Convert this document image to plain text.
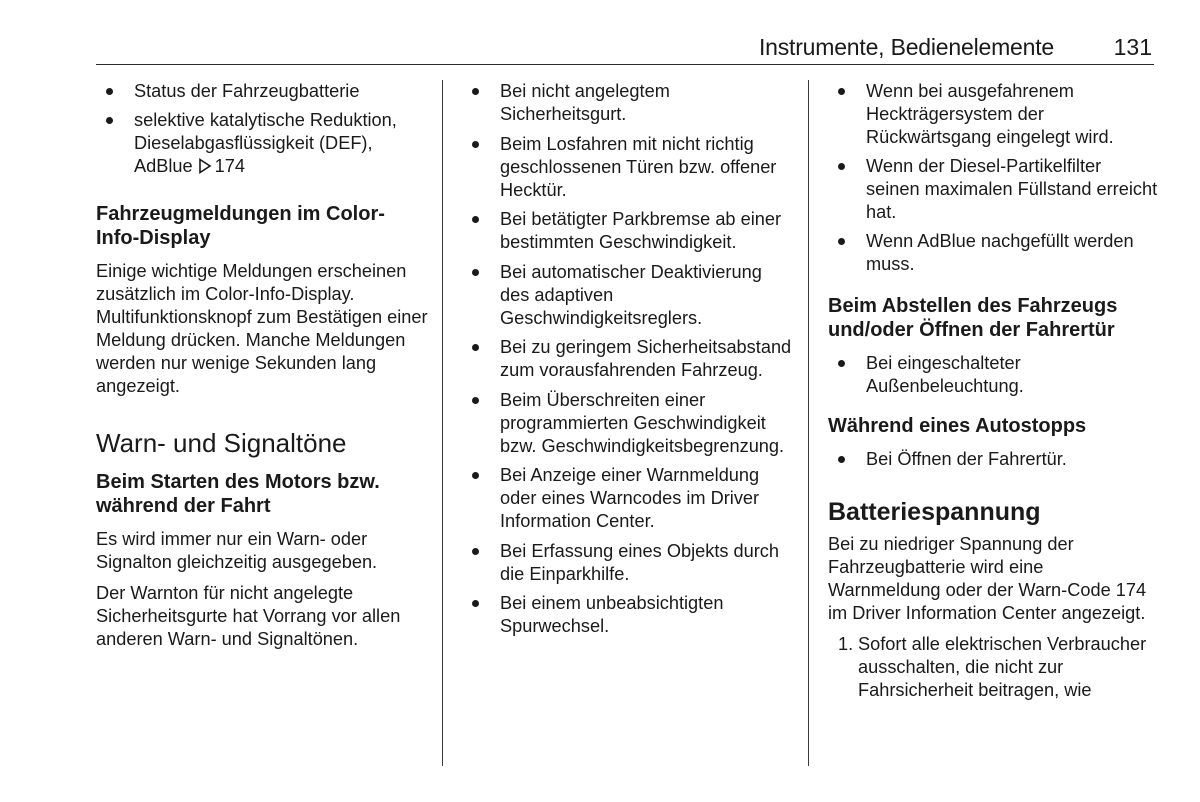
Instrumente, Bedienelemente	131
Status der Fahrzeugbatterie
selektive katalytische Reduktion, Dieselabgasflüssigkeit (DEF), AdBlue 174
Fahrzeugmeldungen im Color-Info-Display

Einige wichtige Meldungen erscheinen zusätzlich im Color-Info-Display. Multifunktionsknopf zum Bestätigen einer Meldung drücken. Manche Meldungen werden nur wenige Sekunden lang angezeigt.

Warn- und Signaltöne
Beim Starten des Motors bzw. während der Fahrt

Es wird immer nur ein Warn- oder Signalton gleichzeitig ausgegeben.

Der Warnton für nicht angelegte Sicherheitsgurte hat Vorrang vor allen anderen Warn- und Signaltönen.

Bei nicht angelegtem Sicherheitsgurt.
Beim Losfahren mit nicht richtig geschlossenen Türen bzw. offener Hecktür.
Bei betätigter Parkbremse ab einer bestimmten Geschwindigkeit.
Bei automatischer Deaktivierung des adaptiven Geschwindigkeitsreglers.
Bei zu geringem Sicherheitsabstand zum vorausfahrenden Fahrzeug.
Beim Überschreiten einer programmierten Geschwindigkeit bzw. Geschwindigkeitsbegrenzung.
Bei Anzeige einer Warnmeldung oder eines Warncodes im Driver Information Center.
Bei Erfassung eines Objekts durch die Einparkhilfe.
Bei einem unbeabsichtigten Spurwechsel.
Wenn bei ausgefahrenem Heckträgersystem der Rückwärtsgang eingelegt wird.
Wenn der Diesel-Partikelfilter seinen maximalen Füllstand erreicht hat.
Wenn AdBlue nachgefüllt werden muss.
Beim Abstellen des Fahrzeugs und/oder Öffnen der Fahrertür
Bei eingeschalteter Außenbeleuchtung.
Während eines Autostopps
Bei Öffnen der Fahrertür.
Batteriespannung

Bei zu niedriger Spannung der Fahrzeugbatterie wird eine Warnmeldung oder der Warn-Code 174 im Driver Information Center angezeigt.

1. Sofort alle elektrischen Verbraucher ausschalten, die nicht zur Fahrsicherheit beitragen, wie
